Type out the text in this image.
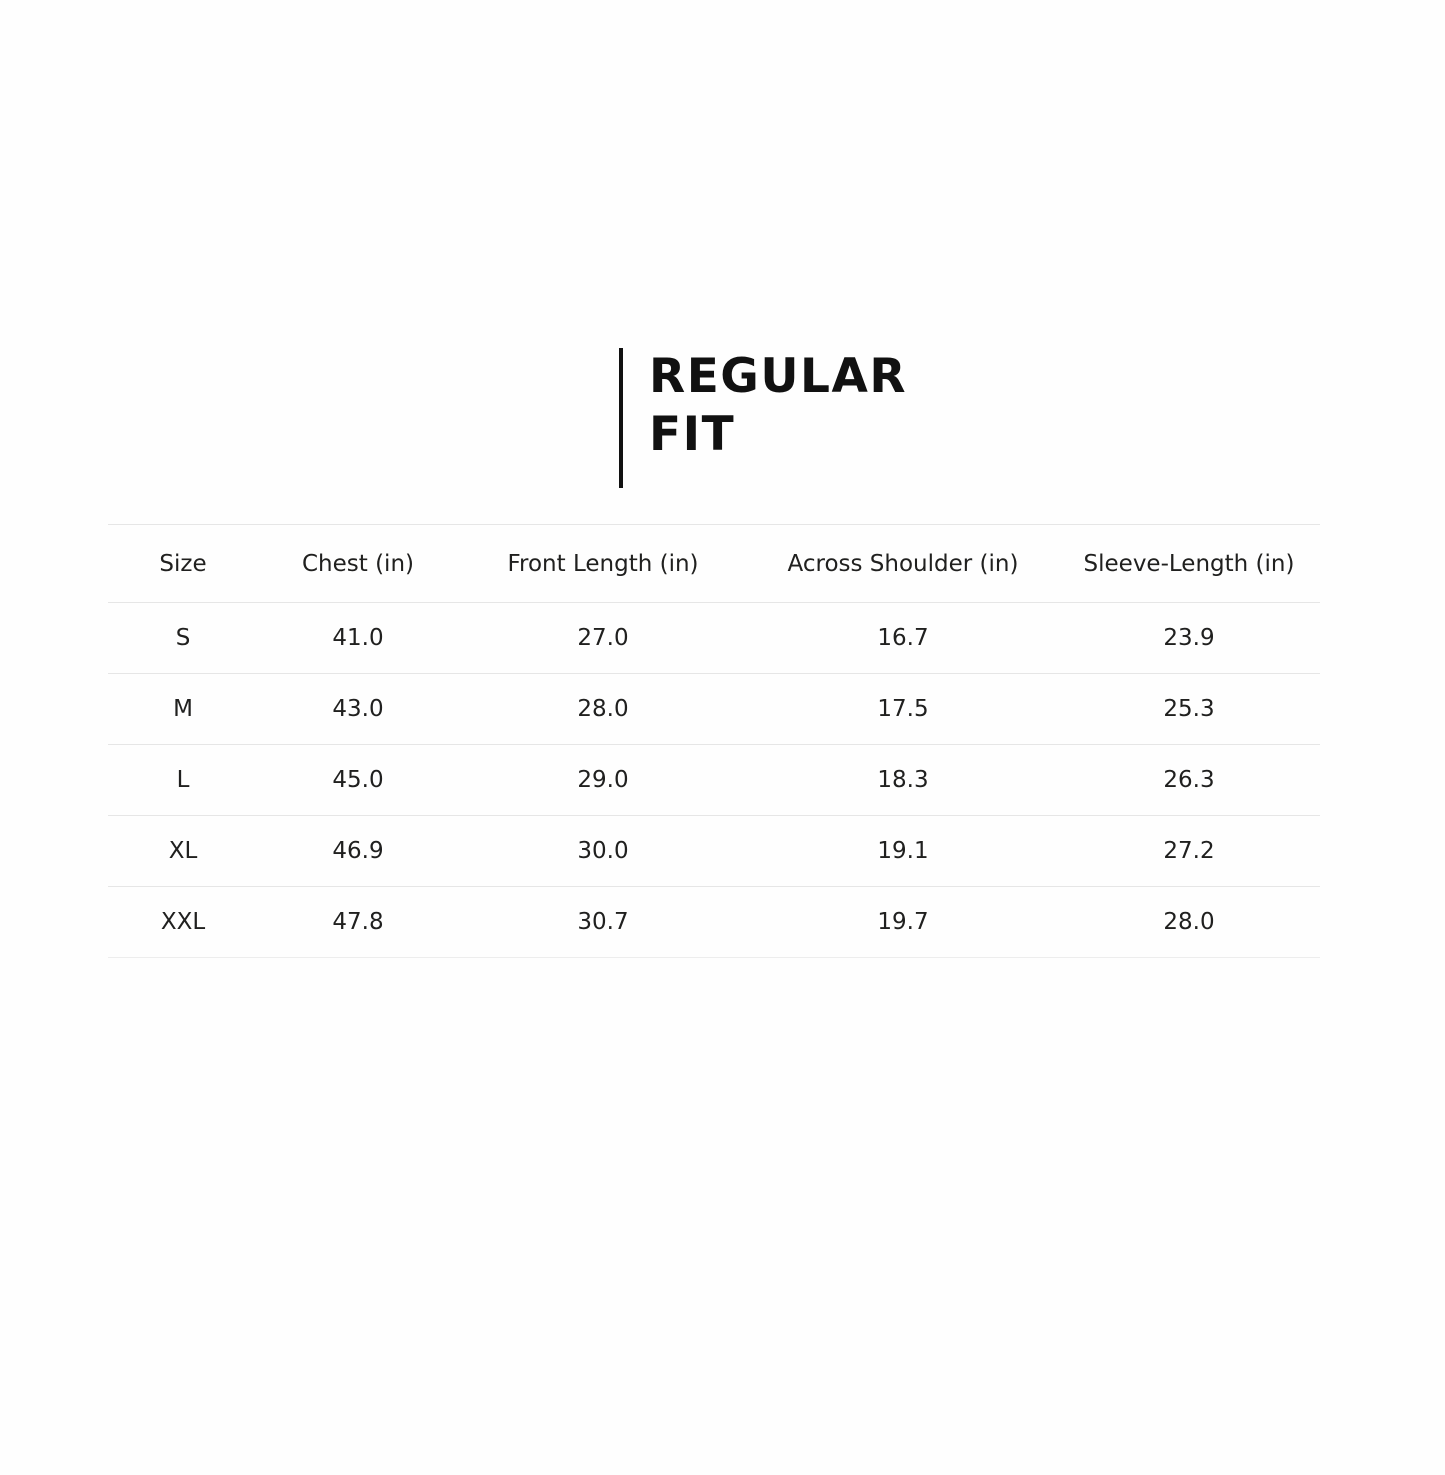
REGULAR
FIT
Size	Chest (in)	Front Length (in)	Across Shoulder (in)	Sleeve-Length (in)
S	41.0	27.0	16.7	23.9
M	43.0	28.0	17.5	25.3
L	45.0	29.0	18.3	26.3
XL	46.9	30.0	19.1	27.2
XXL	47.8	30.7	19.7	28.0
